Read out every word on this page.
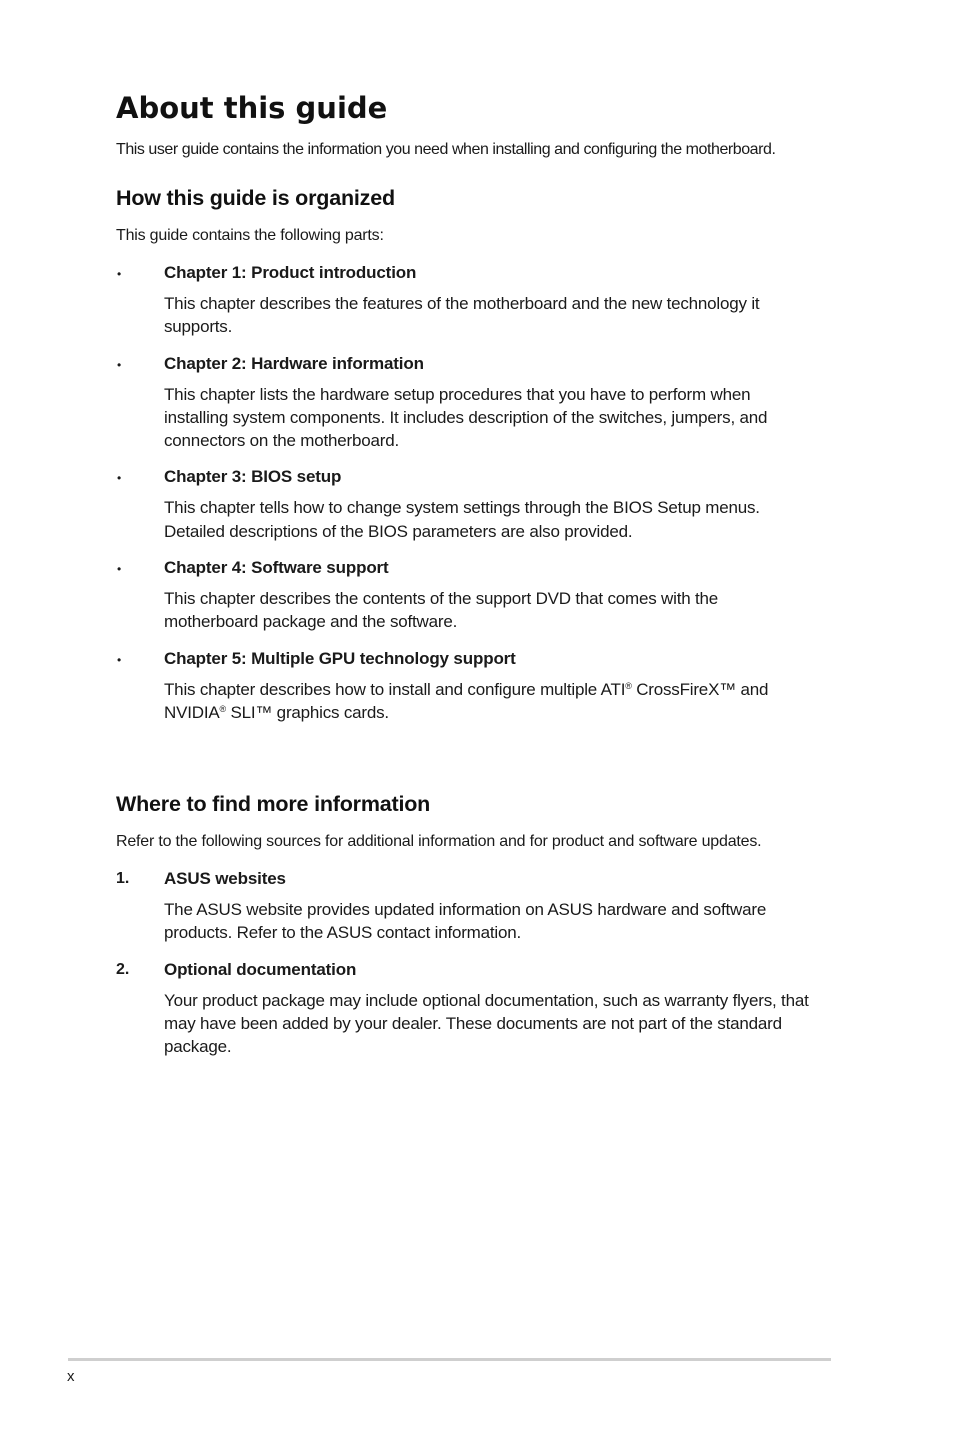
About this guide

This user guide contains the information you need when installing and configuring the motherboard.

How this guide is organized

This guide contains the following parts:

•	Chapter 1: Product introduction

This chapter describes the features of the motherboard and the new technology it supports.

•	Chapter 2: Hardware information

This chapter lists the hardware setup procedures that you have to perform when installing system components. It includes description of the switches, jumpers, and connectors on the motherboard.

•	Chapter 3: BIOS setup

This chapter tells how to change system settings through the BIOS Setup menus. Detailed descriptions of the BIOS parameters are also provided.

•	Chapter 4: Software support

This chapter describes the contents of the support DVD that comes with the motherboard package and the software.

•	Chapter 5: Multiple GPU technology support

This chapter describes how to install and configure multiple ATI® CrossFireX™ and
NVIDIA® SLI™ graphics cards.

Where to find more information

Refer to the following sources for additional information and for product and software updates.

1. ASUS websites

The ASUS website provides updated information on ASUS hardware and software products. Refer to the ASUS contact information.

2. Optional documentation

Your product package may include optional documentation, such as warranty flyers, that may have been added by your dealer. These documents are not part of the standard package.

x
